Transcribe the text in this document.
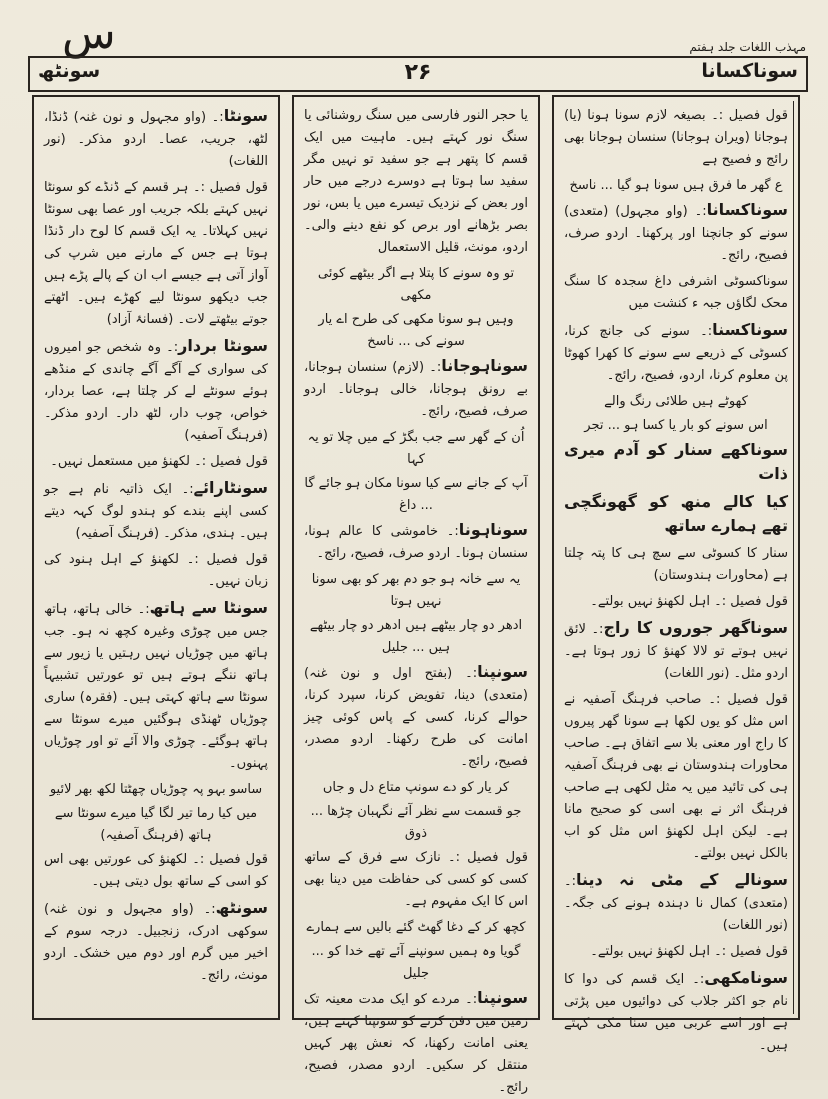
س	مہذب اللغات جلد ہفتم
سونٹھ	۲۶	سوناکسانا
قول فصیل :۔ بصیغہ لازم سونا ہونا (یا) ہوجانا (ویران ہوجانا) سنسان ہوجانا بھی رائج و فصیح ہے
ع گھر ما فرق ہیں سونا ہو گیا ... ناسخ
سوناکسانا:۔ (واو مجہول) (متعدی) سونے کو جانچنا اور پرکھنا۔ اردو صرف، فصیح، رائج۔
سوناکسوٹی اشرفی داغ سجدہ کا سنگ محک لگاؤں جبہ ء کنشت میں
سوناکسنا:۔ سونے کی جانچ کرنا، کسوٹی کے ذریعے سے سونے کا کھرا کھوٹا پن معلوم کرنا، اردو، فصیح، رائج۔
کھوٹے ہیں طلائی رنگ والے
اس سونے کو بار یا کسا ہو ... تجر
سوناکھے سنار کو آدم میری ذات
کیا کالے منھ کو گھونگچی تھے ہمارے ساتھ
سنار کا کسوٹی سے سچ ہی کا پتہ چلتا ہے (محاورات ہندوستان)
قول فصیل :۔ اہل لکھنؤ نہیں بولتے۔
سوناگھر جوروں کا راج:۔ لائق نہیں ہوتے تو لالا کھنؤ کا زور ہوتا ہے۔ اردو مثل۔ (نور اللغات)
قول فصیل :۔ صاحب فرہنگ آصفیہ نے اس مثل کو یوں لکھا ہے سونا گھر پیروں کا راج اور معنی بلا سے اتفاق ہے۔ صاحب محاورات ہندوستان نے بھی فرہنگ آصفیہ ہی کی تائید میں یہ مثل لکھی ہے صاحب فرہنگ اثر نے بھی اسی کو صحیح مانا ہے۔ لیکن اہل لکھنؤ اس مثل کو اب بالکل نہیں بولتے۔
سونالے کے مٹی نہ دینا:۔ (متعدی) کمال نا دہندہ ہونے کی جگہ۔ (نور اللغات)
قول فصیل :۔ اہل لکھنؤ نہیں بولتے۔
سونامکھی:۔ ایک قسم کی دوا کا نام جو اکثر جلاب کی دوائیوں میں پڑتی ہے اور اسے عربی میں سنا مکی کہتے ہیں۔
یا حجر النور فارسی میں سنگ روشنائی یا سنگ نور کہتے ہیں۔ ماہیت میں ایک قسم کا پتھر ہے جو سفید تو نہیں مگر سفید سا ہوتا ہے دوسرے درجے میں حار اور بعض کے نزدیک تیسرے میں یا بس، نور بصر بڑھانے اور برص کو نفع دینے والی۔ اردو، مونث، قلیل الاستعمال
تو وہ سونے کا پتلا ہے اگر بیٹھے کوئی مکھی
وہیں ہو سونا مکھی کی طرح اے یار سونے کی ... ناسخ
سوناہوجانا:۔ (لازم) سنسان ہوجانا، بے رونق ہوجانا، خالی ہوجانا۔ اردو صرف، فصیح، رائج۔
اُن کے گھر سے جب بگڑ کے میں چلا تو یہ کہا
آپ کے جانے سے کیا سونا مکان ہو جائے گا ... داغ
سوناہونا:۔ خاموشی کا عالم ہونا، سنسان ہونا۔ اردو صرف، فصیح، رائج۔
یہ سے خانہ ہو جو دم بھر کو بھی سونا نہیں ہوتا
ادھر دو چار بیٹھے ہیں ادھر دو چار بیٹھے ہیں ... جلیل
سونپنا:۔ (بفتح اول و نون غنہ) (متعدی) دینا، تفویض کرنا، سپرد کرنا، حوالے کرنا، کسی کے پاس کوئی چیز امانت کی طرح رکھنا۔ اردو مصدر، فصیح، رائج۔
کر یار کو دے سونپ متاع دل و جاں
جو قسمت سے نظر آئے نگہبان چڑھا ... ذوق
قول فصیل :۔ نازک سے فرق کے ساتھ کسی کو کسی کی حفاظت میں دینا بھی اس کا ایک مفہوم ہے۔
کچھ کر کے دغا گھٹ گئے بالیں سے ہمارے
گویا وہ ہمیں سونپنے آئے تھے خدا کو ... جلیل
سونپنا:۔ مردے کو ایک مدت معینہ تک زمین میں دفن کرنے کو سونپنا کہتے ہیں، یعنی امانت رکھنا، کہ نعش پھر کہیں منتقل کر سکیں۔ اردو مصدر، فصیح، رائج۔
سونٹا:۔ (واو مجہول و نون غنہ) ڈنڈا، لٹھ، جریب، عصا۔ اردو مذکر۔ (نور اللغات)
قول فصیل :۔ ہر قسم کے ڈنڈے کو سونٹا نہیں کہتے بلکہ جریب اور عصا بھی سونٹا نہیں کہلاتا۔ یہ ایک قسم کا لوح دار ڈنڈا ہوتا ہے جس کے مارنے میں شرپ کی آواز آتی ہے جیسے اب ان کے پالے پڑے ہیں جب دیکھو سونٹا لیے کھڑے ہیں۔ اٹھتے جوتے بیٹھتے لات۔ (فسانۂ آزاد)
سونٹا بردار:۔ وہ شخص جو امیروں کی سواری کے آگے آگے چاندی کے منڈھے ہوئے سونٹے لے کر چلتا ہے، عصا بردار، خواص، چوب دار، لٹھ دار۔ اردو مذکر۔ (فرہنگ آصفیہ)
قول فصیل :۔ لکھنؤ میں مستعمل نہیں۔
سونٹارائے:۔ ایک ذاتیہ نام ہے جو کسی اپنے بندے کو ہندو لوگ کہہ دیتے ہیں۔ ہندی، مذکر۔ (فرہنگ آصفیہ)
قول فصیل :۔ لکھنؤ کے اہل ہنود کی زبان نہیں۔
سونٹا سے ہاتھ:۔ خالی ہاتھ، ہاتھ جس میں چوڑی وغیرہ کچھ نہ ہو۔ جب ہاتھ میں چوڑیاں نہیں رہتیں یا زیور سے ہاتھ ننگے ہوتے ہیں تو عورتیں تشبیہاً سونٹا سے ہاتھ کہتی ہیں۔ (فقرہ) ساری چوڑیاں ٹھنڈی ہوگئیں میرے سونٹا سے ہاتھ ہوگئے۔ چوڑی والا آئے تو اور چوڑیاں پہنوں۔
ساسو بہو پہ چوڑیاں چھٹتا لکھ بھر لائیو
میں کیا رما تیر لگا گیا میرے سونٹا سے ہاتھ (فرہنگ آصفیہ)
قول فصیل :۔ لکھنؤ کی عورتیں بھی اس کو اسی کے ساتھ بول دیتی ہیں۔
سونٹھ:۔ (واو مجہول و نون غنہ) سوکھی ادرک، زنجبیل۔ درجہ سوم کے اخیر میں گرم اور دوم میں خشک۔ اردو مونث، رائج۔
